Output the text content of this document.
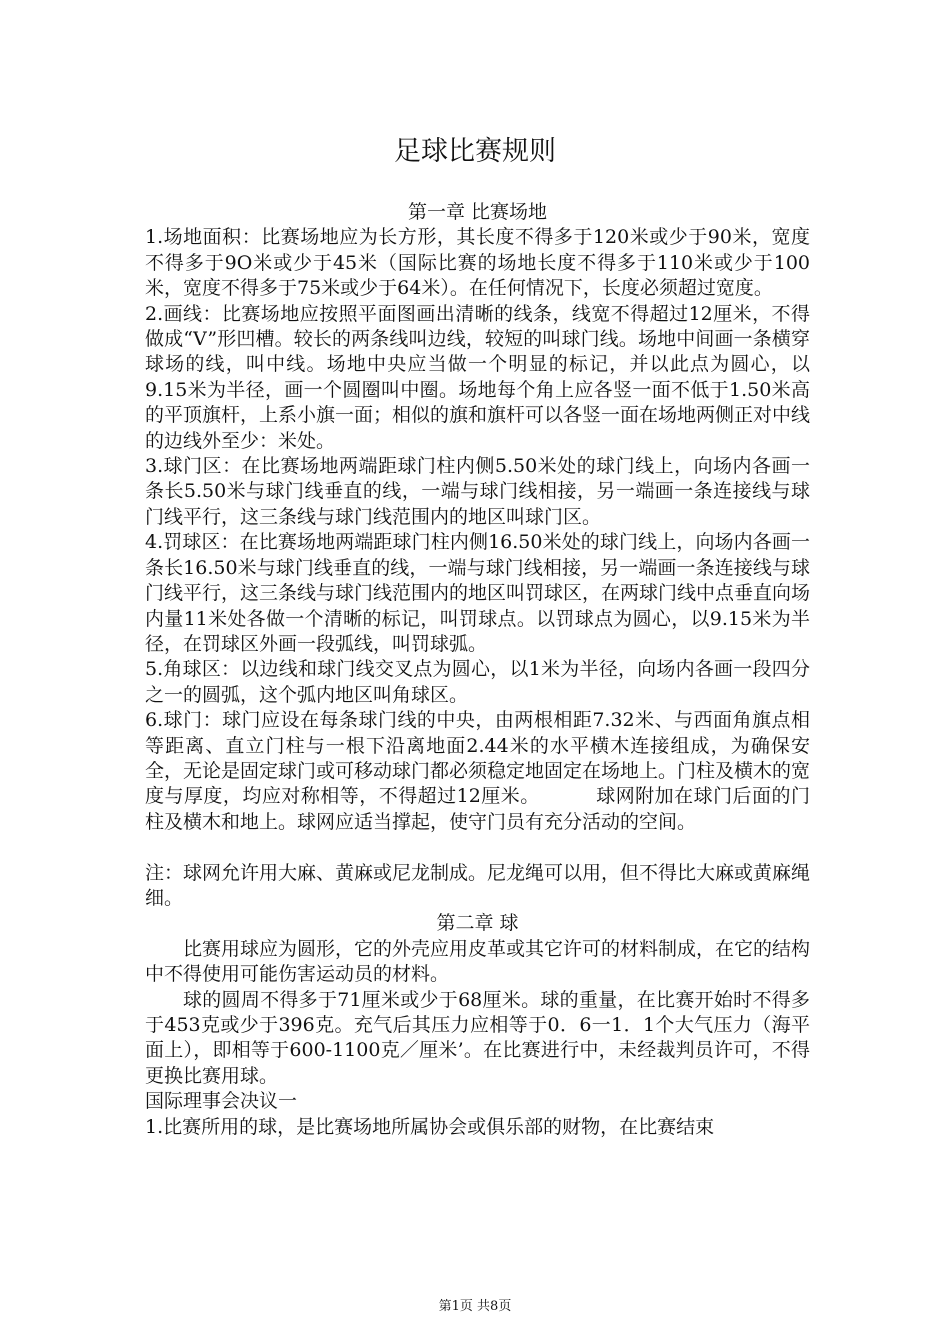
足球比赛规则

第一章 比赛场地

1.场地面积：比赛场地应为长方形，其长度不得多于120米或少于90米，宽度不得多于9O米或少于45米（国际比赛的场地长度不得多于110米或少于100米，宽度不得多于75米或少于64米）。在任何情况下，长度必须超过宽度。

2.画线：比赛场地应按照平面图画出清晰的线条，线宽不得超过12厘米，不得做成“V”形凹槽。较长的两条线叫边线，较短的叫球门线。场地中间画一条横穿球场的线，叫中线。场地中央应当做一个明显的标记，并以此点为圆心，以9.15米为半径，画一个圆圈叫中圈。场地每个角上应各竖一面不低于1.50米高的平顶旗杆，上系小旗一面；相似的旗和旗杆可以各竖一面在场地两侧正对中线的边线外至少：米处。

3.球门区：在比赛场地两端距球门柱内侧5.50米处的球门线上，向场内各画一条长5.50米与球门线垂直的线，一端与球门线相接，另一端画一条连接线与球门线平行，这三条线与球门线范围内的地区叫球门区。

4.罚球区：在比赛场地两端距球门柱内侧16.50米处的球门线上，向场内各画一条长16.50米与球门线垂直的线，一端与球门线相接，另一端画一条连接线与球门线平行，这三条线与球门线范围内的地区叫罚球区，在两球门线中点垂直向场内量11米处各做一个清晰的标记，叫罚球点。以罚球点为圆心，以9.15米为半径，在罚球区外画一段弧线，叫罚球弧。

5.角球区：以边线和球门线交叉点为圆心，以1米为半径，向场内各画一段四分之一的圆弧，这个弧内地区叫角球区。

6.球门：球门应设在每条球门线的中央，由两根相距7.32米、与西面角旗点相等距离、直立门柱与一根下沿离地面2.44米的水平横木连接组成，为确保安全，无论是固定球门或可移动球门都必须稳定地固定在场地上。门柱及横木的宽度与厚度，均应对称相等，不得超过12厘米。	球网附加在球门后面的门柱及横木和地上。球网应适当撑起，使守门员有充分活动的空间。

注：球网允许用大麻、黄麻或尼龙制成。尼龙绳可以用，但不得比大麻或黄麻绳细。

第二章 球

比赛用球应为圆形，它的外壳应用皮革或其它许可的材料制成，在它的结构中不得使用可能伤害运动员的材料。

球的圆周不得多于71厘米或少于68厘米。球的重量，在比赛开始时不得多于453克或少于396克。充气后其压力应相等于0．6一1．1个大气压力（海平面上），即相等于600-1100克／厘米’。在比赛进行中，未经裁判员许可，不得更换比赛用球。

国际理事会决议一

1.比赛所用的球，是比赛场地所属协会或俱乐部的财物，在比赛结束

第1页 共8页
